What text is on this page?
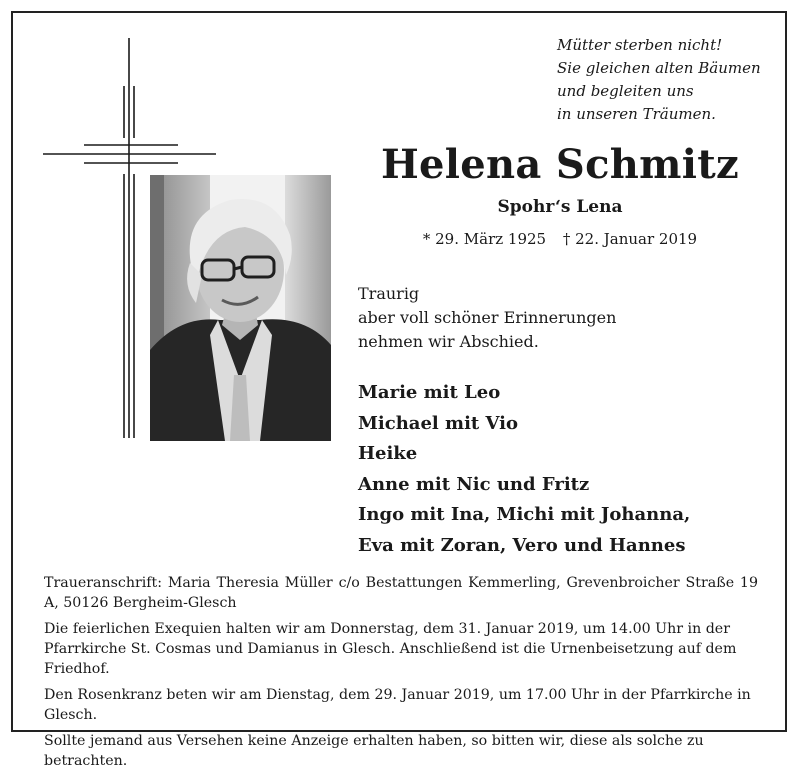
Mütter sterben nicht!
Sie gleichen alten Bäumen
und begleiten uns
in unseren Träumen.
Helena Schmitz
Spohr‘s Lena
* 29. März 1925 † 22. Januar 2019
Traurig
aber voll schöner Erinnerungen
nehmen wir Abschied.
Marie mit Leo
Michael mit Vio
Heike
Anne mit Nic und Fritz
Ingo mit Ina, Michi mit Johanna,
Eva mit Zoran, Vero und Hannes

Traueranschrift: Maria Theresia Müller c/o Bestattungen Kemmerling, Grevenbroicher Straße 19 A, 50126 Bergheim-Glesch

Die feierlichen Exequien halten wir am Donnerstag, dem 31. Januar 2019, um 14.00 Uhr in der Pfarrkirche St. Cosmas und Damianus in Glesch. Anschließend ist die Urnenbeisetzung auf dem Friedhof.

Den Rosenkranz beten wir am Dienstag, dem 29. Januar 2019, um 17.00 Uhr in der Pfarrkirche in Glesch.

Sollte jemand aus Versehen keine Anzeige erhalten haben, so bitten wir, diese als solche zu betrachten.
